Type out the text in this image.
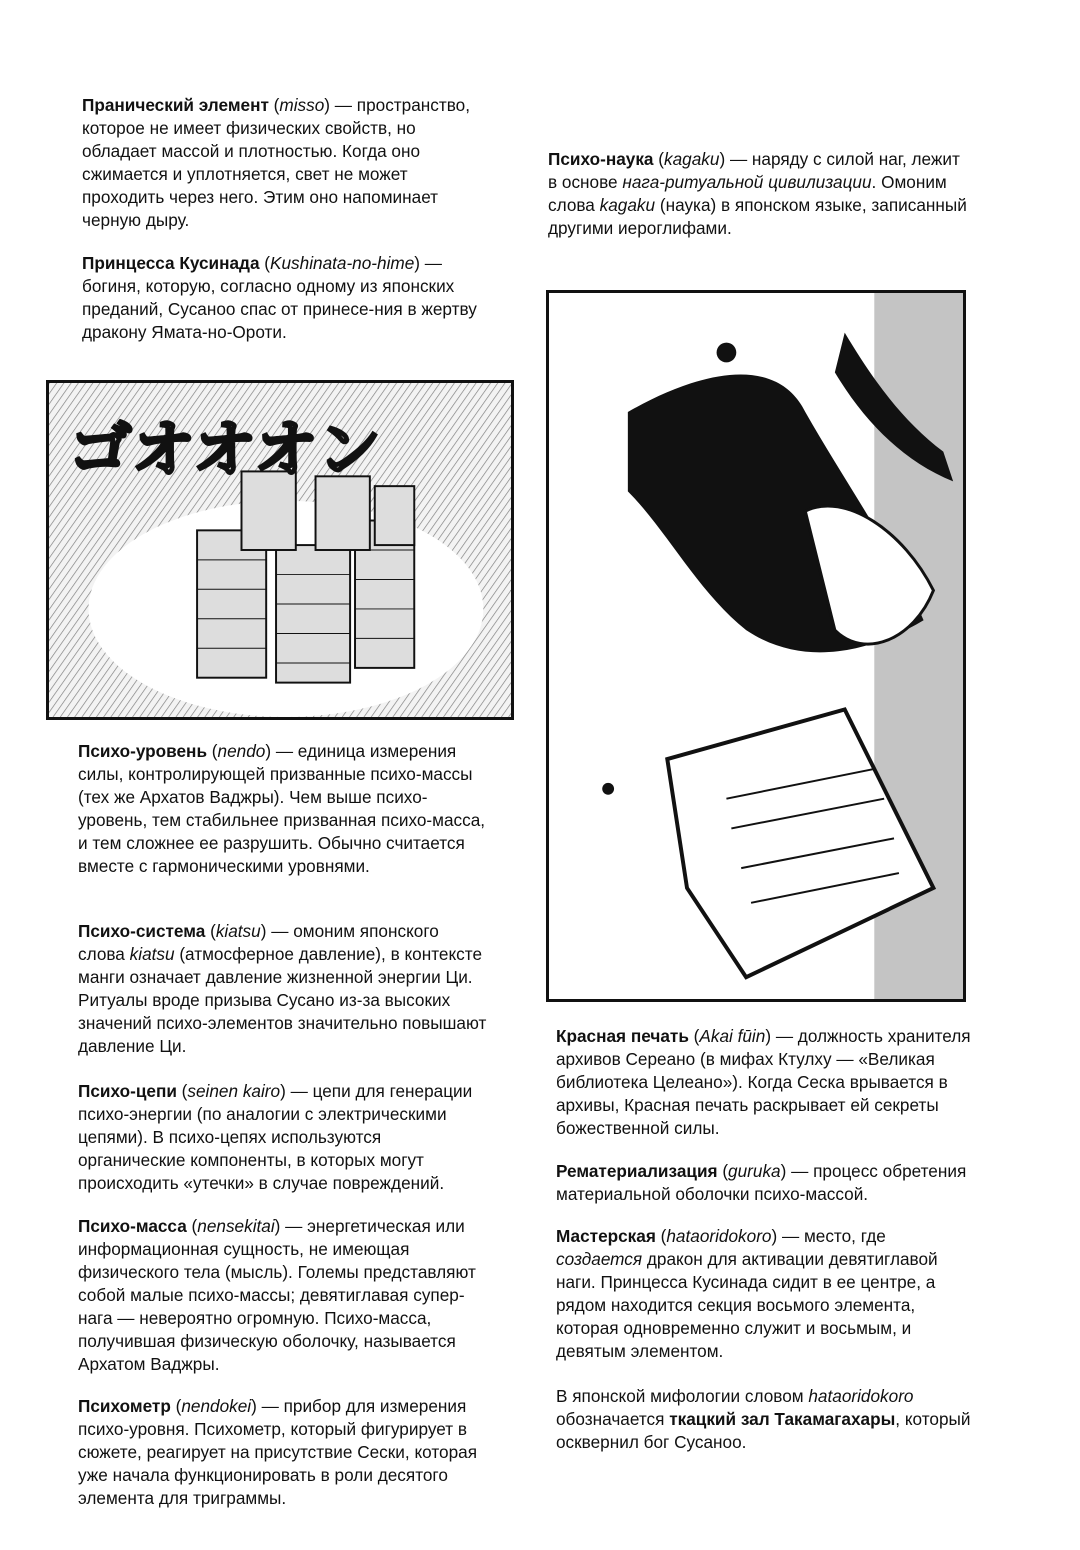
Пранический элемент (misso) — пространство, которое не имеет физических свойств, но обладает массой и плотностью. Когда оно сжимается и уплотняется, свет не может проходить через него. Этим оно напоминает черную дыру.

Принцесса Кусинада (Kushinata-no-hime) — богиня, которую, согласно одному из японских преданий, Сусаноо спас от принесе-ния в жертву дракону Ямата-но-Ороти.

ゴオオオン

Психо-уровень (nendo) — единица измерения силы, контролирующей призванные психо-массы (тех же Архатов Ваджры). Чем выше психо-уровень, тем стабильнее призванная психо-масса, и тем сложнее ее разрушить. Обычно считается вместе с гармоническими уровнями.

Психо-система (kiatsu) — омоним японского слова kiatsu (атмосферное давление), в контексте манги означает давление жизненной энергии Ци. Ритуалы вроде призыва Сусано из-за высоких значений психо-элементов значительно повышают давление Ци.

Психо-цепи (seinen kairo) — цепи для генерации психо-энергии (по аналогии с электрическими цепями). В психо-цепях используются органические компоненты, в которых могут происходить «утечки» в случае повреждений.

Психо-масса (nensekitai) — энергетическая или информационная сущность, не имеющая физического тела (мысль). Големы представляют собой малые психо-массы; девятиглавая супер-нага — невероятно огромную. Психо-масса, получившая физическую оболочку, называется Архатом Ваджры.

Психометр (nendokei) — прибор для измерения психо-уровня. Психометр, который фигурирует в сюжете, реагирует на присутствие Сески, которая уже начала функционировать в роли десятого элемента для триграммы.

Психо-наука (kagaku) — наряду с силой наг, лежит в основе нага-ритуальной цивилизации. Омоним слова kagaku (наука) в японском языке, записанный другими иероглифами.

Красная печать (Akai fūin) — должность хранителя архивов Сереано (в мифах Ктулху — «Великая библиотека Целеано»). Когда Сеска врывается в архивы, Красная печать раскрывает ей секреты божественной силы.

Рематериализация (guruka) — процесс обретения материальной оболочки психо-массой.

Мастерская (hataoridokoro) — место, где создается дракон для активации девятиглавой наги. Принцесса Кусинада сидит в ее центре, а рядом находится секция восьмого элемента, которая одновременно служит и восьмым, и девятым элементом.

В японской мифологии словом hataoridokoro обозначается ткацкий зал Такамагахары, который осквернил бог Сусаноо.
